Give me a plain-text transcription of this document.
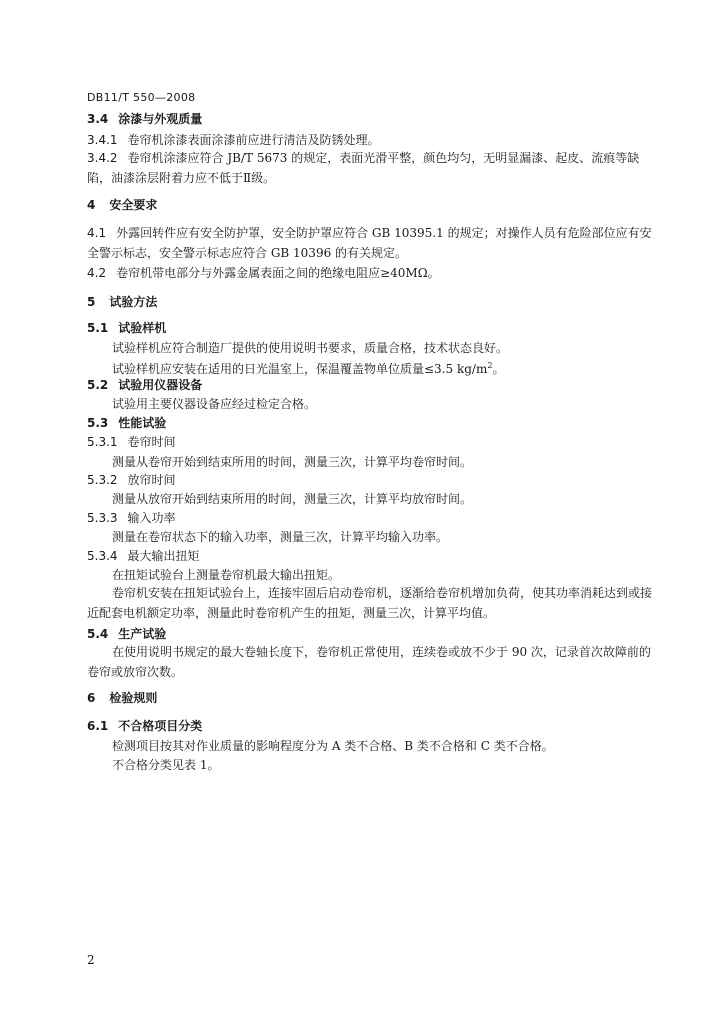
DB11/T 550—2008
3.4 涂漆与外观质量
3.4.1 卷帘机涂漆表面涂漆前应进行清洁及防锈处理。
3.4.2 卷帘机涂漆应符合 JB/T 5673 的规定，表面光滑平整，颜色均匀，无明显漏漆、起皮、流痕等缺陷，油漆涂层附着力应不低于Ⅱ级。
4 安全要求
4.1 外露回转件应有安全防护罩，安全防护罩应符合 GB 10395.1 的规定；对操作人员有危险部位应有安全警示标志，安全警示标志应符合 GB 10396 的有关规定。
4.2 卷帘机带电部分与外露金属表面之间的绝缘电阻应≥40MΩ。
5 试验方法
5.1 试验样机
试验样机应符合制造厂提供的使用说明书要求，质量合格，技术状态良好。
试验样机应安装在适用的日光温室上，保温覆盖物单位质量≤3.5 $kg/m^2$。
5.2 试验用仪器设备
试验用主要仪器设备应经过检定合格。
5.3 性能试验
5.3.1 卷帘时间
测量从卷帘开始到结束所用的时间，测量三次，计算平均卷帘时间。
5.3.2 放帘时间
测量从放帘开始到结束所用的时间，测量三次，计算平均放帘时间。
5.3.3 输入功率
测量在卷帘状态下的输入功率，测量三次，计算平均输入功率。
5.3.4 最大输出扭矩
在扭矩试验台上测量卷帘机最大输出扭矩。
卷帘机安装在扭矩试验台上，连接牢固后启动卷帘机，逐渐给卷帘机增加负荷，使其功率消耗达到或接近配套电机额定功率，测量此时卷帘机产生的扭矩，测量三次，计算平均值。
5.4 生产试验
在使用说明书规定的最大卷轴长度下，卷帘机正常使用，连续卷或放不少于 90 次，记录首次故障前的卷帘或放帘次数。
6 检验规则
6.1 不合格项目分类
检测项目按其对作业质量的影响程度分为 A 类不合格、B 类不合格和 C 类不合格。
不合格分类见表 1。
2
